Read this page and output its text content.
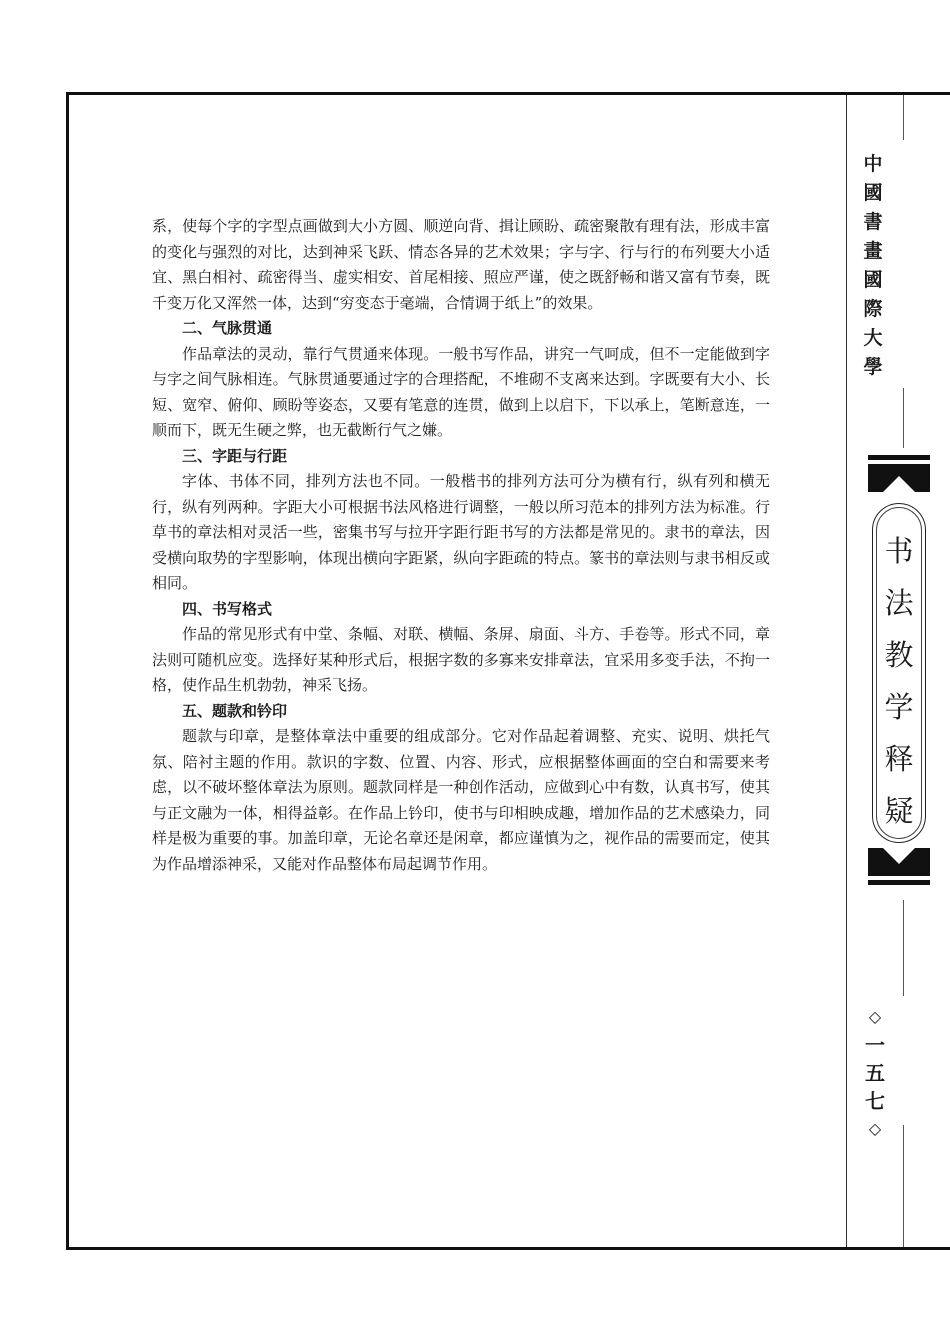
系，使每个字的字型点画做到大小方圆、顺逆向背、揖让顾盼、疏密聚散有理有法，形成丰富的变化与强烈的对比，达到神采飞跃、情态各异的艺术效果；字与字、行与行的布列要大小适宜、黑白相衬、疏密得当、虚实相安、首尾相接、照应严谨，使之既舒畅和谐又富有节奏，既千变万化又浑然一体，达到“穷变态于毫端，合情调于纸上”的效果。

二、气脉贯通

作品章法的灵动，靠行气贯通来体现。一般书写作品，讲究一气呵成，但不一定能做到字与字之间气脉相连。气脉贯通要通过字的合理搭配，不堆砌不支离来达到。字既要有大小、长短、宽窄、俯仰、顾盼等姿态，又要有笔意的连贯，做到上以启下，下以承上，笔断意连，一顺而下，既无生硬之弊，也无截断行气之嫌。

三、字距与行距

字体、书体不同，排列方法也不同。一般楷书的排列方法可分为横有行，纵有列和横无行，纵有列两种。字距大小可根据书法风格进行调整，一般以所习范本的排列方法为标准。行草书的章法相对灵活一些，密集书写与拉开字距行距书写的方法都是常见的。隶书的章法，因受横向取势的字型影响，体现出横向字距紧，纵向字距疏的特点。篆书的章法则与隶书相反或相同。

四、书写格式

作品的常见形式有中堂、条幅、对联、横幅、条屏、扇面、斗方、手卷等。形式不同，章法则可随机应变。选择好某种形式后，根据字数的多寡来安排章法，宜采用多变手法，不拘一格，使作品生机勃勃，神采飞扬。

五、题款和钤印

题款与印章，是整体章法中重要的组成部分。它对作品起着调整、充实、说明、烘托气氛、陪衬主题的作用。款识的字数、位置、内容、形式，应根据整体画面的空白和需要来考虑，以不破坏整体章法为原则。题款同样是一种创作活动，应做到心中有数，认真书写，使其与正文融为一体，相得益彰。在作品上钤印，使书与印相映成趣，增加作品的艺术感染力，同样是极为重要的事。加盖印章，无论名章还是闲章，都应谨慎为之，视作品的需要而定，使其为作品增添神采，又能对作品整体布局起调节作用。

中
國
書
畫
國
際
大
學
书
法
教
学
释
疑
◇
一
五
七
◇
